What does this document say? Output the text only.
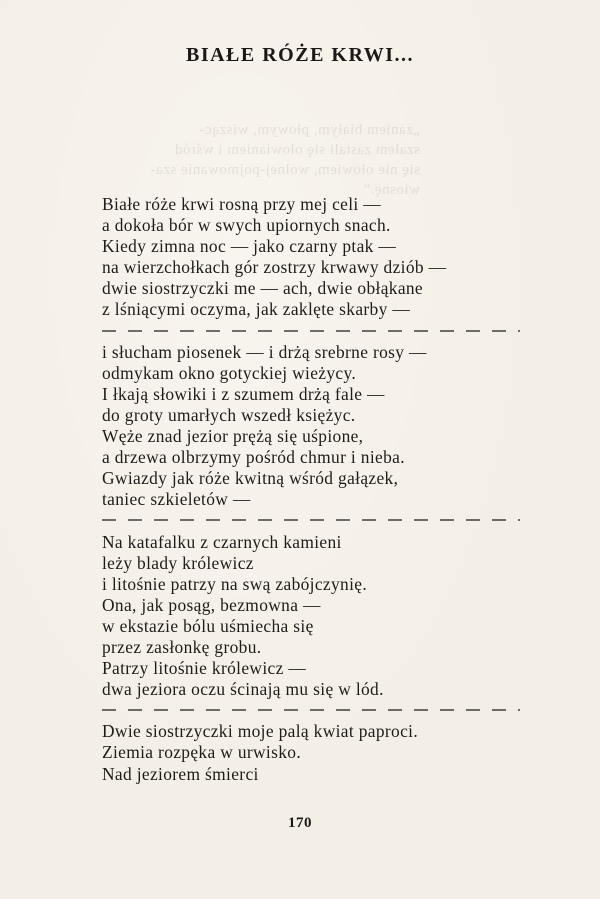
„zaniem białym, płowym, wisząc-
szałem zastali się ołowianiem i wśród
się nie ołowiem, wolnej-pojmowanie sza-
wiosnę.”
BIAŁE RÓŻE KRWI...
Białe róże krwi rosną przy mej celi —
a dokoła bór w swych upiornych snach.
Kiedy zimna noc — jako czarny ptak —
na wierzchołkach gór zostrzy krwawy dziób —
dwie siostrzyczki me — ach, dwie obłąkane
z lśniącymi oczyma, jak zaklęte skarby —
i słucham piosenek — i drżą srebrne rosy —
odmykam okno gotyckiej wieżycy.
I łkają słowiki i z szumem drżą fale —
do groty umarłych wszedł księżyc.
Węże znad jezior prężą się uśpione,
a drzewa olbrzymy pośród chmur i nieba.
Gwiazdy jak róże kwitną wśród gałązek,
taniec szkieletów —
Na katafalku z czarnych kamieni
leży blady królewicz
i litośnie patrzy na swą zabójczynię.
Ona, jak posąg, bezmowna —
w ekstazie bólu uśmiecha się
przez zasłonkę grobu.
Patrzy litośnie królewicz —
dwa jeziora oczu ścinają mu się w lód.
Dwie siostrzyczki moje palą kwiat paproci.
Ziemia rozpęka w urwisko.
Nad jeziorem śmierci
170
